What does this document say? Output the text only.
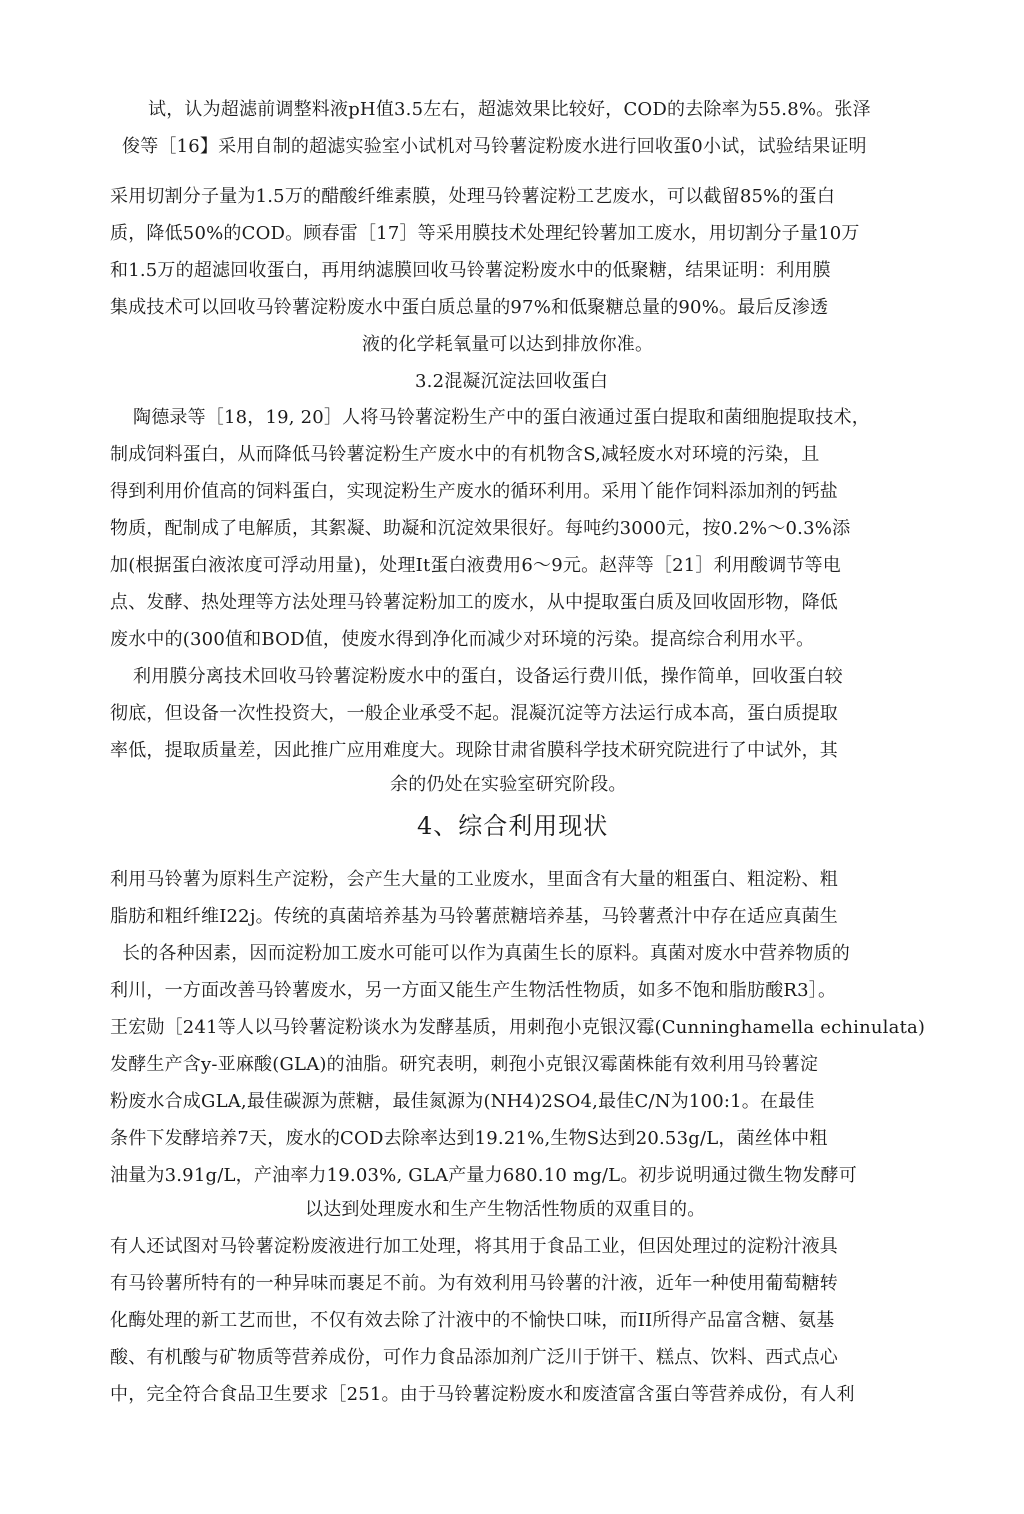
试，认为超滤前调整料液pH值3.5左右，超滤效果比较好，COD的去除率为55.8%。张泽
俊等［16】采用自制的超滤实验室小试机对马铃薯淀粉废水进行回收蛋0小试，试验结果证明
采用切割分子量为1.5万的醋酸纤维素膜，处理马铃薯淀粉工艺废水，可以截留85%的蛋白
质，降低50%的COD。顾春雷［17］等采用膜技术处理纪铃薯加工废水，用切割分子量10万
和1.5万的超滤回收蛋白，再用纳滤膜回收马铃薯淀粉废水中的低聚糖，结果证明：利用膜
集成技术可以回收马铃薯淀粉废水中蛋白质总量的97%和低聚糖总量的90%。最后反渗透
液的化学耗氧量可以达到排放你准。
3.2混凝沉淀法回收蛋白
陶德录等［18，19, 20］人将马铃薯淀粉生产中的蛋白液通过蛋白提取和菌细胞提取技术，
制成饲料蛋白，从而降低马铃薯淀粉生产废水中的有机物含S,减轻废水对环境的污染，且
得到利用价值高的饲料蛋白，实现淀粉生产废水的循环利用。采用丫能作饲料添加剂的钙盐
物质，配制成了电解质，其絮凝、助凝和沉淀效果很好。每吨约3000元，按0.2%～0.3%添
加(根据蛋白液浓度可浮动用量)，处理It蛋白液费用6～9元。赵萍等［21］利用酸调节等电
点、发酵、热处理等方法处理马铃薯淀粉加工的废水，从中提取蛋白质及回收固形物，降低
废水中的(300值和BOD值，使废水得到净化而减少对环境的污染。提高综合利用水平。
利用膜分离技术回收马铃薯淀粉废水中的蛋白，设备运行费川低，操作简单，回收蛋白较
彻底，但设备一次性投资大，一般企业承受不起。混凝沉淀等方法运行成本高，蛋白质提取
率低，提取质量差，因此推广应用难度大。现除甘肃省膜科学技术研究院进行了中试外，其
余的仍处在实验室研究阶段。
4、综合利用现状
利用马铃薯为原料生产淀粉，会产生大量的工业废水，里面含有大量的粗蛋白、粗淀粉、粗
脂肪和粗纤维I22j。传统的真菌培养基为马铃薯蔗糖培养基，马铃薯煮汁中存在适应真菌生
长的各种因素，因而淀粉加工废水可能可以作为真菌生长的原料。真菌对废水中营养物质的
利川，一方面改善马铃薯废水，另一方面又能生产生物活性物质，如多不饱和脂肪酸R3］。
王宏勋［241等人以马铃薯淀粉谈水为发酵基质，用刺孢小克银汉霉(Cunninghamella echinulata)
发酵生产含y-亚麻酸(GLA)的油脂。研究表明，刺孢小克银汉霉菌株能有效利用马铃薯淀
粉废水合成GLA,最佳碳源为蔗糖，最佳氮源为(NH4)2SO4,最佳C/N为100:1。在最佳
条件下发酵培养7天，废水的COD去除率达到19.21%,生物S达到20.53g/L，菌丝体中粗
油量为3.91g/L，产油率力19.03%, GLA产量力680.10 mg/L。初步说明通过微生物发酵可
以达到处理废水和生产生物活性物质的双重目的。
有人还试图对马铃薯淀粉废液进行加工处理，将其用于食品工业，但因处理过的淀粉汁液具
有马铃薯所特有的一种异味而裹足不前。为有效利用马铃薯的汁液，近年一种使用葡萄糖转
化酶处理的新工艺而世，不仅有效去除了汁液中的不愉快口味，而II所得产品富含糖、氨基
酸、有机酸与矿物质等营养成份，可作力食品添加剂广泛川于饼干、糕点、饮料、西式点心
中，完全符合食品卫生要求［251。由于马铃薯淀粉废水和废渣富含蛋白等营养成份，有人利
